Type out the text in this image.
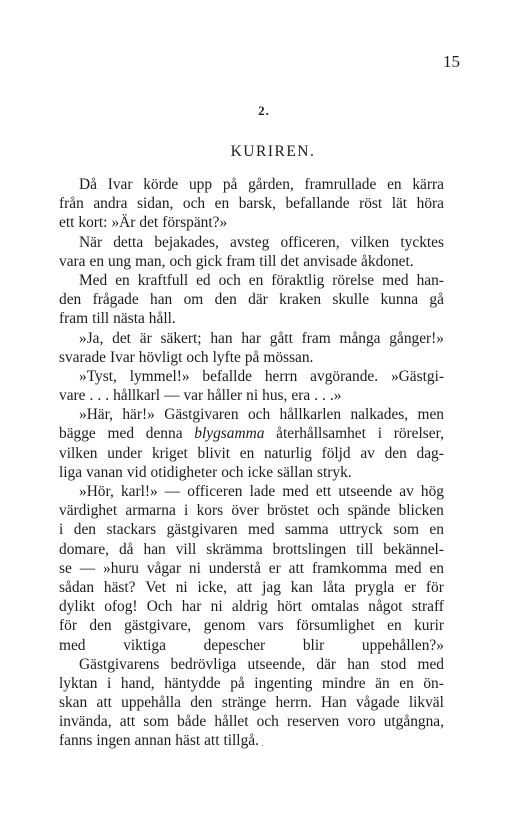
15
2.
KURIREN.
Då Ivar körde upp på gården, framrullade en kärra
från andra sidan, och en barsk, befallande röst lät höra
ett kort: »Är det förspänt?»
När detta bejakades, avsteg officeren, vilken tycktes
vara en ung man, och gick fram till det anvisade åkdonet.
Med en kraftfull ed och en föraktlig rörelse med han-
den frågade han om den där kraken skulle kunna gå
fram till nästa håll.
»Ja, det är säkert; han har gått fram många gånger!»
svarade Ivar hövligt och lyfte på mössan.
»Tyst, lymmel!» befallde herrn avgörande. »Gästgi-
vare . . . hållkarl — var håller ni hus, era . . .»
»Här, här!» Gästgivaren och hållkarlen nalkades, men
bägge med denna blygsamma återhållsamhet i rörelser,
vilken under kriget blivit en naturlig följd av den dag-
liga vanan vid otidigheter och icke sällan stryk.
»Hör, karl!» — officeren lade med ett utseende av hög
värdighet armarna i kors över bröstet och spände blicken
i den stackars gästgivaren med samma uttryck som en
domare, då han vill skrämma brottslingen till bekännel-
se — »huru vågar ni understå er att framkomma med en
sådan häst? Vet ni icke, att jag kan låta prygla er för
dylikt ofog! Och har ni aldrig hört omtalas något straff
för den gästgivare, genom vars försumlighet en kurir
med viktiga depescher blir uppehållen?»
Gästgivarens bedrövliga utseende, där han stod med
lyktan i hand, häntydde på ingenting mindre än en ön-
skan att uppehålla den stränge herrn. Han vågade likväl
invända, att som både hållet och reserven voro utgångna,
fanns ingen annan häst att tillgå.
